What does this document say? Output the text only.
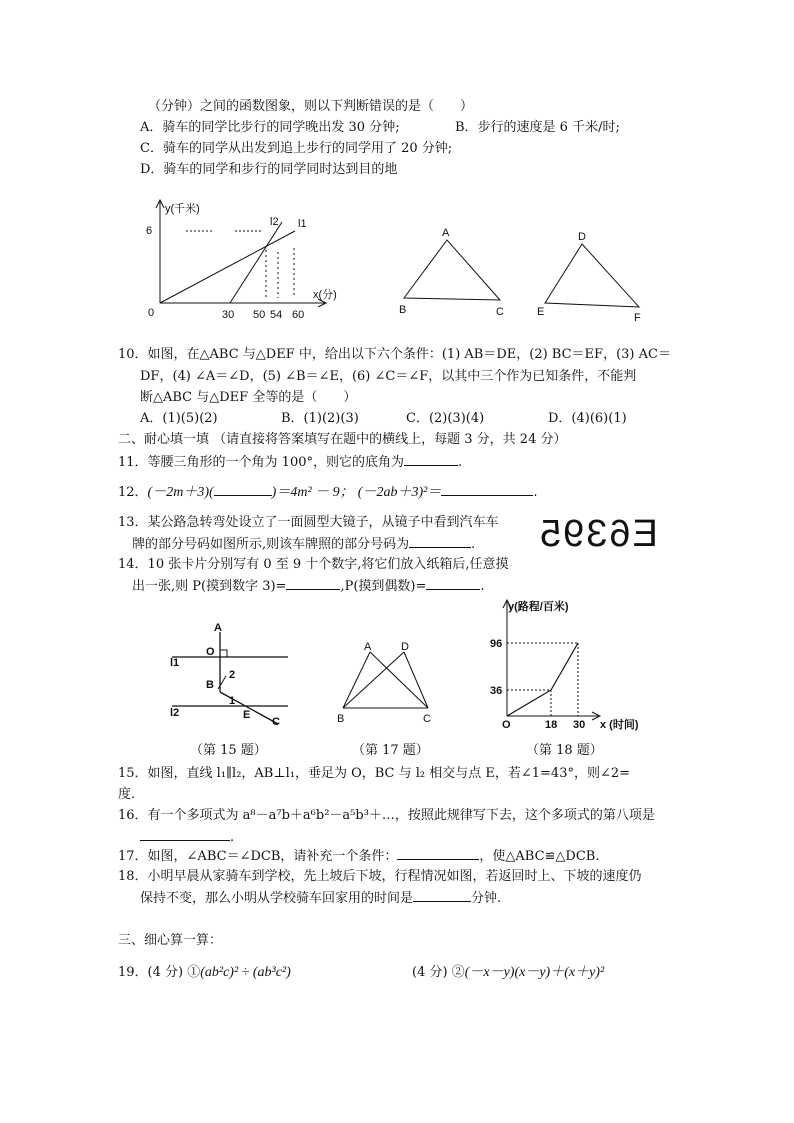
（分钟）之间的函数图象，则以下判断错误的是（　　）
A．骑车的同学比步行的同学晚出发 30 分钟;	B．步行的速度是 6 千米/时;
C．骑车的同学从出发到追上步行的同学用了 20 分钟;
D．骑车的同学和步行的同学同时达到目的地
y(千米)
6
0
l2 l1
x(分)
30 50 54 60
A
B	C
D
E	F
10．如图，在△ABC 与△DEF 中，给出以下六个条件：(1) AB＝DE，(2) BC＝EF，(3) AC＝
DF，(4) ∠A＝∠D，(5) ∠B＝∠E，(6) ∠C＝∠F，以其中三个作为已知条件，不能判
断△ABC 与△DEF 全等的是（　　）
A．(1)(5)(2)	B．(1)(2)(3)	C．(2)(3)(4)	D．(4)(6)(1)
二、耐心填一填 （请直接将答案填写在题中的横线上，每题 3 分，共 24 分）
11．等腰三角形的一个角为 100°，则它的底角为	.
12．(－2m＋3)(	)＝4m² － 9； (－2ab＋3)²＝	.
13．某公路急转弯处设立了一面圆型大镜子，从镜子中看到汽车车
牌的部分号码如图所示,则该车牌照的部分号码为	. E6395
14．10 张卡片分别写有 0 至 9 十个数字,将它们放入纸箱后,任意摸
出一张,则 P(摸到数字 3)=	,P(摸到偶数)=	.
A
O
l1
2
B
1
E
l2
C
A	D
B	C
y(路程/百米)
96
36
O	18 30 x (时间)
（第 15 题）	（第 17 题）	（第 18 题）
15．如图，直线 l₁∥l₂，AB⊥l₁，垂足为 O，BC 与 l₂ 相交与点 E，若∠1=43°，则∠2=
度.
16．有一个多项式为 a⁸－a⁷b＋a⁶b²－a⁵b³＋…，按照此规律写下去，这个多项式的第八项是
.
17．如图，∠ABC＝∠DCB，请补充一个条件：	，使△ABC≌△DCB.
18．小明早晨从家骑车到学校，先上坡后下坡，行程情况如图，若返回时上、下坡的速度仍
保持不变，那么小明从学校骑车回家用的时间是	分钟.
三、细心算一算：
19．(4 分) ①(ab²c)² ÷ (ab³c²)	(4 分) ②(－x－y)(x－y)＋(x＋y)²
